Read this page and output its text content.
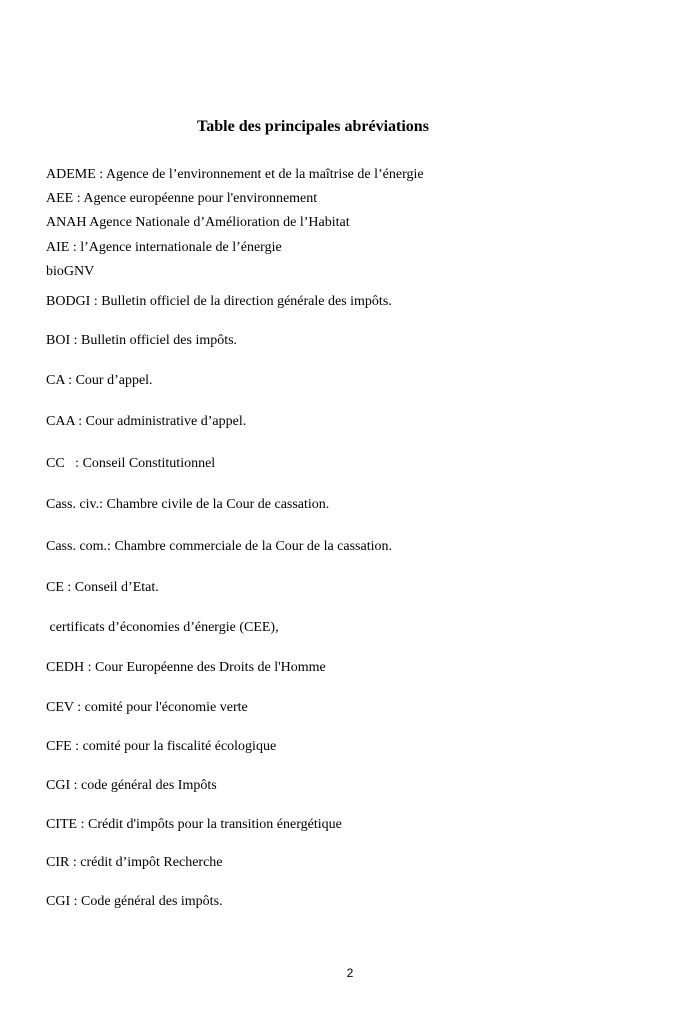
Table des principales abréviations
ADEME : Agence de l’environnement et de la maîtrise de l’énergie
AEE : Agence européenne pour l'environnement
ANAH Agence Nationale d’Amélioration de l’Habitat
AIE : l’Agence internationale de l’énergie
bioGNV
BODGI : Bulletin officiel de la direction générale des impôts.
BOI : Bulletin officiel des impôts.
CA : Cour d’appel.
CAA : Cour administrative d’appel.
CC   : Conseil Constitutionnel
Cass. civ.: Chambre civile de la Cour de cassation.
Cass. com.: Chambre commerciale de la Cour de la cassation.
CE : Conseil d’Etat.
certificats d’économies d’énergie (CEE),
CEDH : Cour Européenne des Droits de l'Homme
CEV : comité pour l'économie verte
CFE : comité pour la fiscalité écologique
CGI : code général des Impôts
CITE : Crédit d'impôts pour la transition énergétique
CIR : crédit d’impôt Recherche
CGI : Code général des impôts.
2
